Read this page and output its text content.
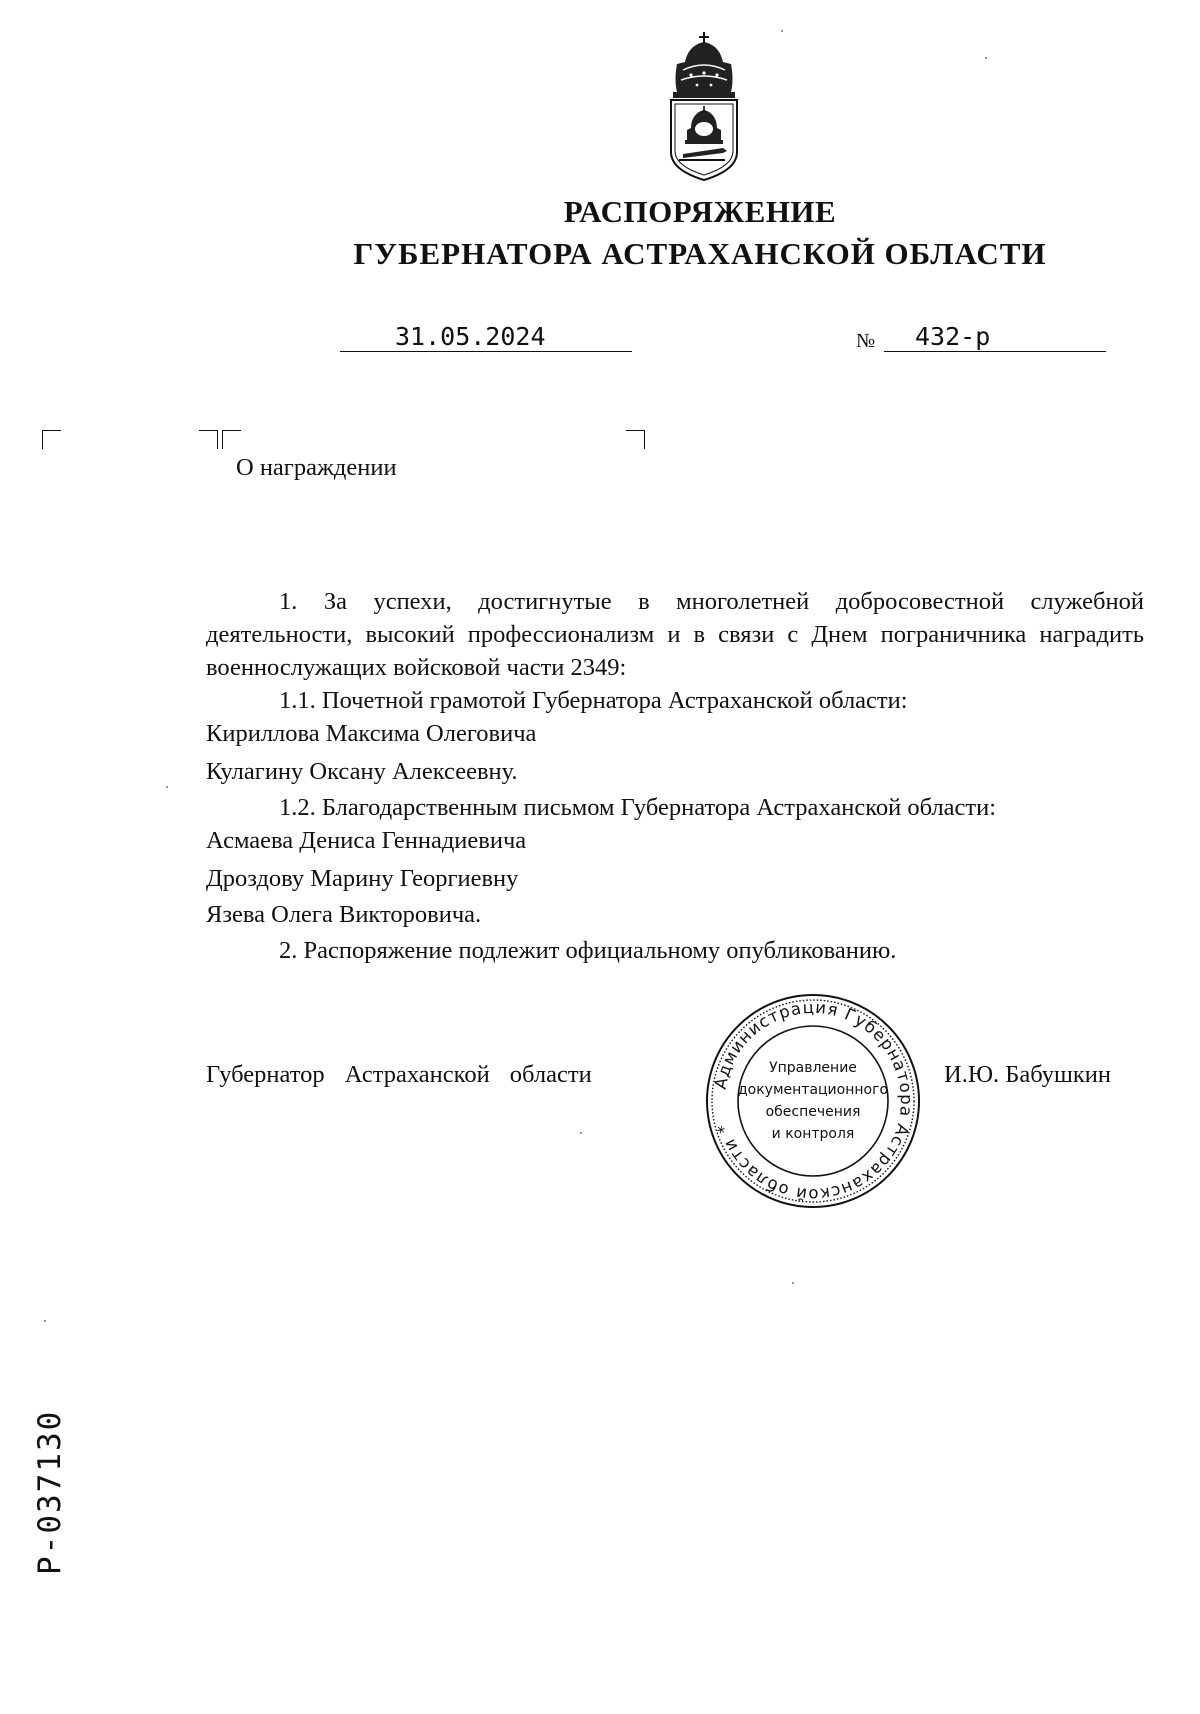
РАСПОРЯЖЕНИЕ
ГУБЕРНАТОРА АСТРАХАНСКОЙ ОБЛАСТИ
31.05.2024	№ 432-р
О награждении
1. За успехи, достигнутые в многолетней добросовестной служебной деятельности, высокий профессионализм и в связи с Днем пограничника наградить военнослужащих войсковой части 2349:
1.1. Почетной грамотой Губернатора Астраханской области:
Кириллова Максима Олеговича
Кулагину Оксану Алексеевну.
1.2. Благодарственным письмом Губернатора Астраханской области:
Асмаева Дениса Геннадиевича
Дроздову Марину Георгиевну
Язева Олега Викторовича.
2. Распоряжение подлежит официальному опубликованию.
Губернатор Астраханской области	И.Ю. Бабушкин
Администрация Губернатора Астраханской области *
Управление
документационного
обеспечения
и контроля
Р-037130
